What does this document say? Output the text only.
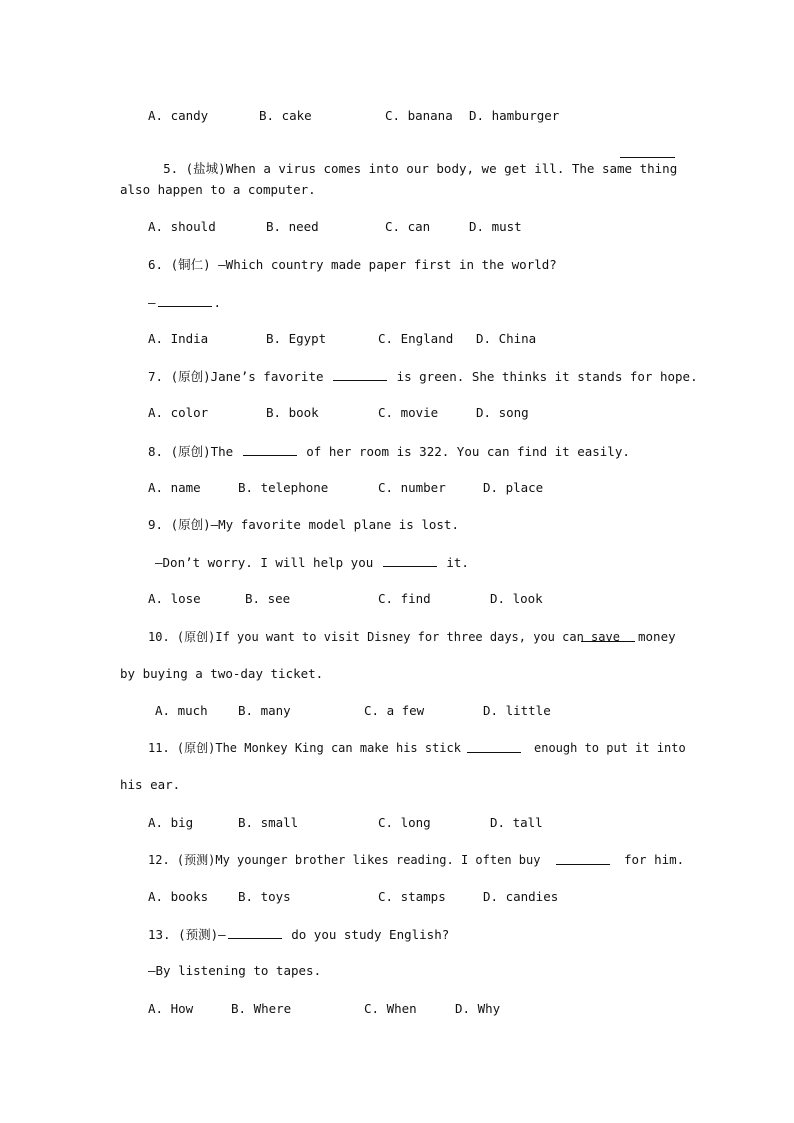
A. candy	B. cake	C. banana D. hamburger

5. (盐城)When a virus comes into our body, we get ill. The same thing

also happen to a computer.
A. should	B. need	C. can	D. must
6. (铜仁) —Which country made paper first in the world?
—	.
A. India	B. Egypt	C. England D. China
7. (原创)Jane’s favorite	is green. She thinks it stands for hope.
A. color	B. book	C. movie	D. song
8. (原创)The	of her room is 322. You can find it easily.
A. name	B. telephone	C. number	D. place
9. (原创)—My favorite model plane is lost.
—Don’t worry. I will help you	it.
A. lose	B. see	C. find	D. look
10. (原创)If you want to visit Disney for three days, you can save money
by buying a two-day ticket.
A. much B. many	C. a few	D. little
11. (原创)The Monkey King can make his stick	enough to put it into
his ear.
A. big	B. small	C. long	D. tall
12. (预测)My younger brother likes reading. I often buy	for him.
A. books B. toys	C. stamps	D. candies
13. (预测)—	do you study English?
—By listening to tapes.
A. How	B. Where	C. When	D. Why
